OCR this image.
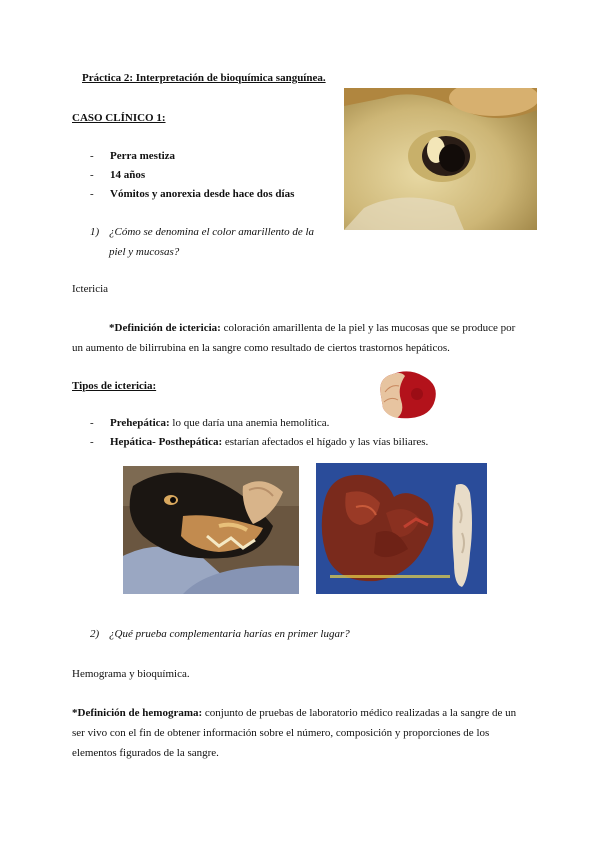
Práctica 2: Interpretación de bioquímica sanguínea.
CASO CLÍNICO 1:
- Perra mestiza
- 14 años
- Vómitos y anorexia desde hace dos días
1) ¿Cómo se denomina el color amarillento de la
piel y mucosas?
Ictericia
*Definición de ictericia: coloración amarillenta de la piel y las mucosas que se produce por
un aumento de bilirrubina en la sangre como resultado de ciertos trastornos hepáticos.
Tipos de ictericia:
- Prehepática: lo que daría una anemia hemolítica.
- Hepática- Posthepática: estarían afectados el hígado y las vías biliares.
2) ¿Qué prueba complementaria harías en primer lugar?
Hemograma y bioquímica.
*Definición de hemograma: conjunto de pruebas de laboratorio médico realizadas a la sangre de un
ser vivo con el fin de obtener información sobre el número, composición y proporciones de los
elementos figurados de la sangre.
